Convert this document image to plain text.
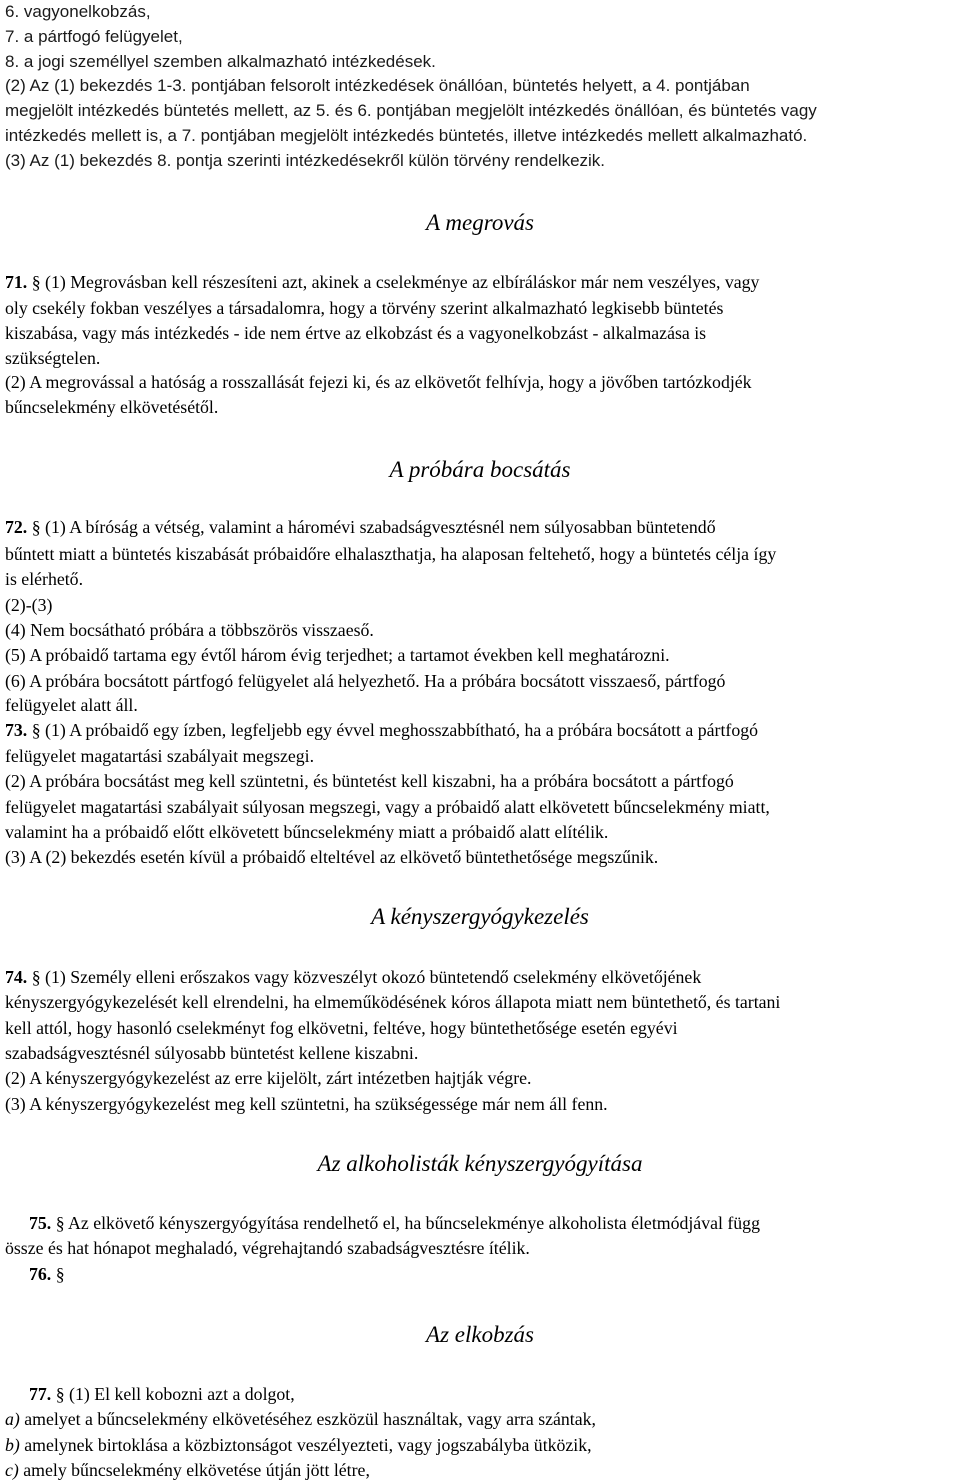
6. vagyonelkobzás,
7. a pártfogó felügyelet,
8. a jogi személlyel szemben alkalmazható intézkedések.
(2) Az (1) bekezdés 1-3. pontjában felsorolt intézkedések önállóan, büntetés helyett, a 4. pontjában
megjelölt intézkedés büntetés mellett, az 5. és 6. pontjában megjelölt intézkedés önállóan, és büntetés vagy
intézkedés mellett is, a 7. pontjában megjelölt intézkedés büntetés, illetve intézkedés mellett alkalmazható.
(3) Az (1) bekezdés 8. pontja szerinti intézkedésekről külön törvény rendelkezik.
A megrovás
71. § (1) Megrovásban kell részesíteni azt, akinek a cselekménye az elbíráláskor már nem veszélyes, vagy
oly csekély fokban veszélyes a társadalomra, hogy a törvény szerint alkalmazható legkisebb büntetés
kiszabása, vagy más intézkedés - ide nem értve az elkobzást és a vagyonelkobzást - alkalmazása is
szükségtelen.
(2) A megrovással a hatóság a rosszallását fejezi ki, és az elkövetőt felhívja, hogy a jövőben tartózkodjék
bűncselekmény elkövetésétől.
A próbára bocsátás
72. § (1) A bíróság a vétség, valamint a háromévi szabadságvesztésnél nem súlyosabban büntetendő
bűntett miatt a büntetés kiszabását próbaidőre elhalaszthatja, ha alaposan feltehető, hogy a büntetés célja így
is elérhető.
(2)-(3)
(4) Nem bocsátható próbára a többszörös visszaeső.
(5) A próbaidő tartama egy évtől három évig terjedhet; a tartamot években kell meghatározni.
(6) A próbára bocsátott pártfogó felügyelet alá helyezhető. Ha a próbára bocsátott visszaeső, pártfogó
felügyelet alatt áll.
73. § (1) A próbaidő egy ízben, legfeljebb egy évvel meghosszabbítható, ha a próbára bocsátott a pártfogó
felügyelet magatartási szabályait megszegi.
(2) A próbára bocsátást meg kell szüntetni, és büntetést kell kiszabni, ha a próbára bocsátott a pártfogó
felügyelet magatartási szabályait súlyosan megszegi, vagy a próbaidő alatt elkövetett bűncselekmény miatt,
valamint ha a próbaidő előtt elkövetett bűncselekmény miatt a próbaidő alatt elítélik.
(3) A (2) bekezdés esetén kívül a próbaidő elteltével az elkövető büntethetősége megszűnik.
A kényszergyógykezelés
74. § (1) Személy elleni erőszakos vagy közveszélyt okozó büntetendő cselekmény elkövetőjének
kényszergyógykezelését kell elrendelni, ha elmeműködésének kóros állapota miatt nem büntethető, és tartani
kell attól, hogy hasonló cselekményt fog elkövetni, feltéve, hogy büntethetősége esetén egyévi
szabadságvesztésnél súlyosabb büntetést kellene kiszabni.
(2) A kényszergyógykezelést az erre kijelölt, zárt intézetben hajtják végre.
(3) A kényszergyógykezelést meg kell szüntetni, ha szükségessége már nem áll fenn.
Az alkoholisták kényszergyógyítása
75. § Az elkövető kényszergyógyítása rendelhető el, ha bűncselekménye alkoholista életmódjával függ
össze és hat hónapot meghaladó, végrehajtandó szabadságvesztésre ítélik.
76. §
Az elkobzás
77. § (1) El kell kobozni azt a dolgot,
a) amelyet a bűncselekmény elkövetéséhez eszközül használtak, vagy arra szántak,
b) amelynek birtoklása a közbiztonságot veszélyezteti, vagy jogszabályba ütközik,
c) amely bűncselekmény elkövetése útján jött létre,
